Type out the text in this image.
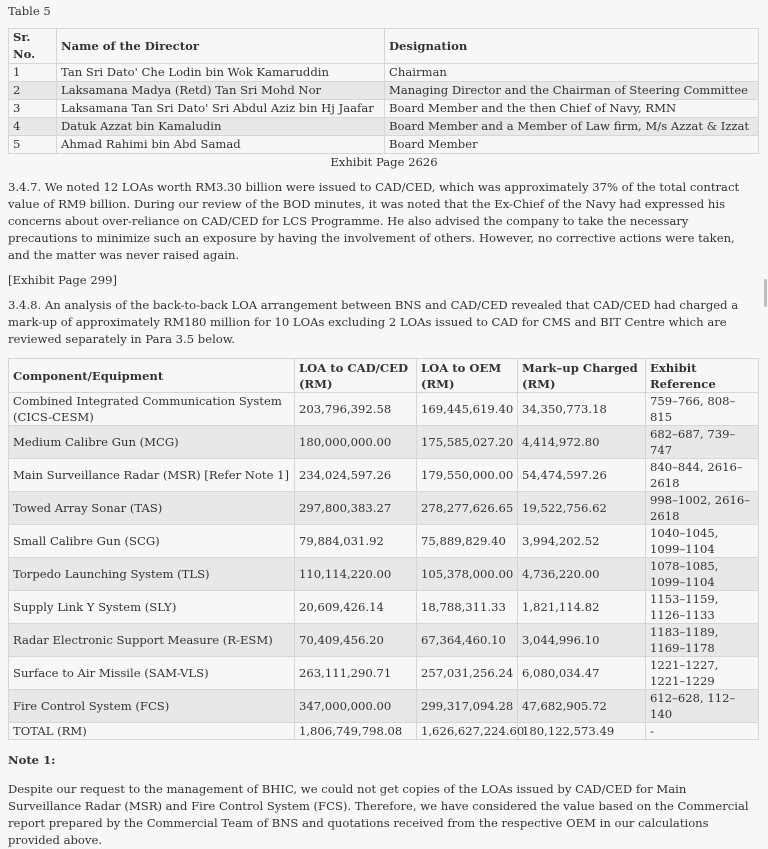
Table 5
Sr. No.	Name of the Director	Designation
1	Tan Sri Dato' Che Lodin bin Wok Kamaruddin	Chairman
2	Laksamana Madya (Retd) Tan Sri Mohd Nor	Managing Director and the Chairman of Steering Committee
3	Laksamana Tan Sri Dato' Sri Abdul Aziz bin Hj Jaafar	Board Member and the then Chief of Navy, RMN
4	Datuk Azzat bin Kamaludin	Board Member and a Member of Law firm, M/s Azzat & Izzat
5	Ahmad Rahimi bin Abd Samad	Board Member

Exhibit Page 2626

3.4.7. We noted 12 LOAs worth RM3.30 billion were issued to CAD/CED, which was approximately 37% of the total contract value of RM9 billion. During our review of the BOD minutes, it was noted that the Ex-Chief of the Navy had expressed his concerns about over-reliance on CAD/CED for LCS Programme. He also advised the company to take the necessary precautions to minimize such an exposure by having the involvement of others. However, no corrective actions were taken, and the matter was never raised again.

[Exhibit Page 299]

3.4.8. An analysis of the back-to-back LOA arrangement between BNS and CAD/CED revealed that CAD/CED had charged a mark-up of approximately RM180 million for 10 LOAs excluding 2 LOAs issued to CAD for CMS and BIT Centre which are reviewed separately in Para 3.5 below.

Component/Equipment	LOA to CAD/CED (RM)	LOA to OEM (RM)	Mark–up Charged (RM)	Exhibit Reference
Combined Integrated Communication System (CICS-CESM)	203,796,392.58	169,445,619.40	34,350,773.18	759–766, 808–815
Medium Calibre Gun (MCG)	180,000,000.00	175,585,027.20	4,414,972.80	682–687, 739–747
Main Surveillance Radar (MSR) [Refer Note 1]	234,024,597.26	179,550,000.00	54,474,597.26	840–844, 2616–2618
Towed Array Sonar (TAS)	297,800,383.27	278,277,626.65	19,522,756.62	998–1002, 2616–2618
Small Calibre Gun (SCG)	79,884,031.92	75,889,829.40	3,994,202.52	1040–1045, 1099–1104
Torpedo Launching System (TLS)	110,114,220.00	105,378,000.00	4,736,220.00	1078–1085, 1099–1104
Supply Link Y System (SLY)	20,609,426.14	18,788,311.33	1,821,114.82	1153–1159, 1126–1133
Radar Electronic Support Measure (R-ESM)	70,409,456.20	67,364,460.10	3,044,996.10	1183–1189, 1169–1178
Surface to Air Missile (SAM-VLS)	263,111,290.71	257,031,256.24	6,080,034.47	1221–1227, 1221–1229
Fire Control System (FCS)	347,000,000.00	299,317,094.28	47,682,905.72	612–628, 112–140
TOTAL (RM)	1,806,749,798.08	1,626,627,224.60	180,122,573.49	-

Note 1:

Despite our request to the management of BHIC, we could not get copies of the LOAs issued by CAD/CED for Main Surveillance Radar (MSR) and Fire Control System (FCS). Therefore, we have considered the value based on the Commercial report prepared by the Commercial Team of BNS and quotations received from the respective OEM in our calculations provided above.
